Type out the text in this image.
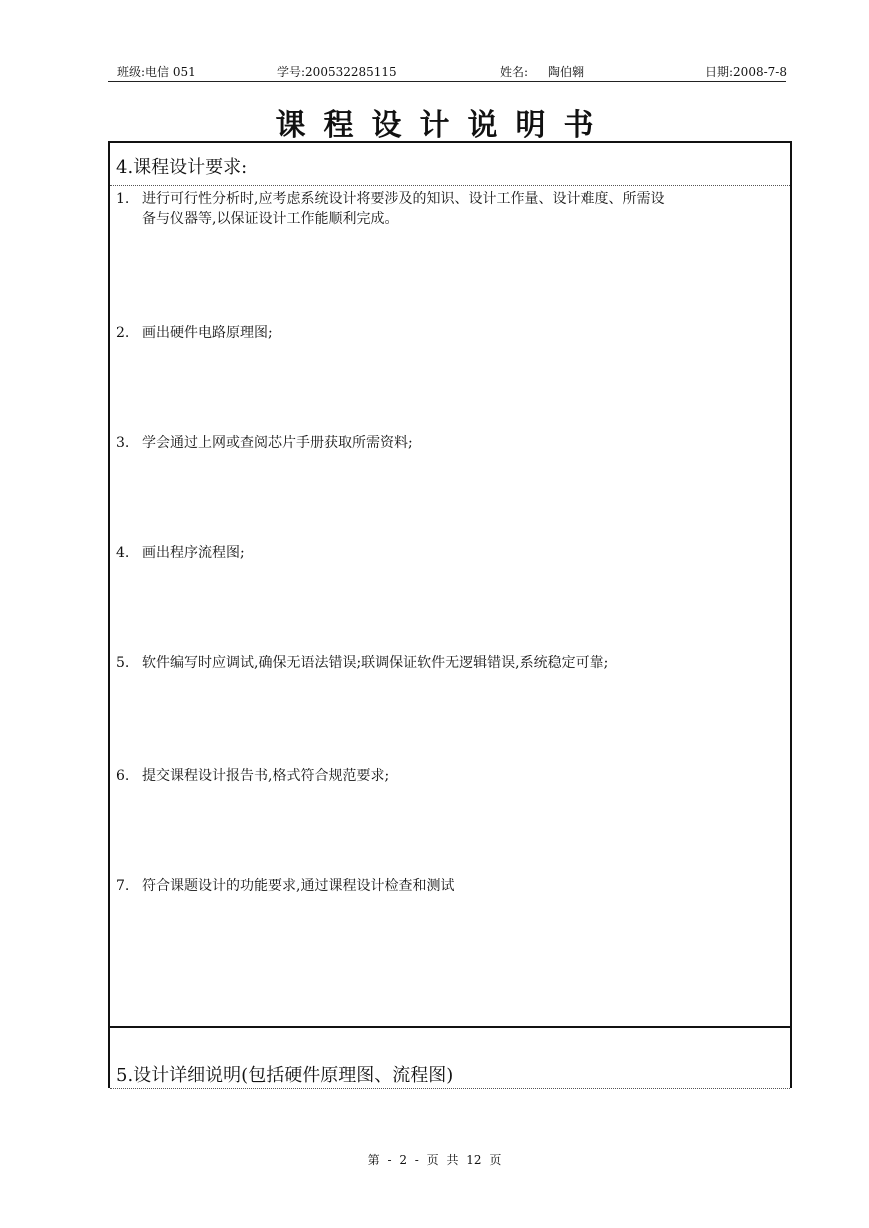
班级:电信 051	学号:200532285115	姓名: 陶伯翱	日期:2008-7-8
课程设计说明书
4.课程设计要求:
1. 进行可行性分析时,应考虑系统设计将要涉及的知识、设计工作量、设计难度、所需设
备与仪器等,以保证设计工作能顺利完成。
2. 画出硬件电路原理图;
3. 学会通过上网或查阅芯片手册获取所需资料;
4. 画出程序流程图;
5. 软件编写时应调试,确保无语法错误;联调保证软件无逻辑错误,系统稳定可靠;
6. 提交课程设计报告书,格式符合规范要求;
7. 符合课题设计的功能要求,通过课程设计检查和测试
5.设计详细说明(包括硬件原理图、流程图)
第 - 2 - 页 共 12 页
